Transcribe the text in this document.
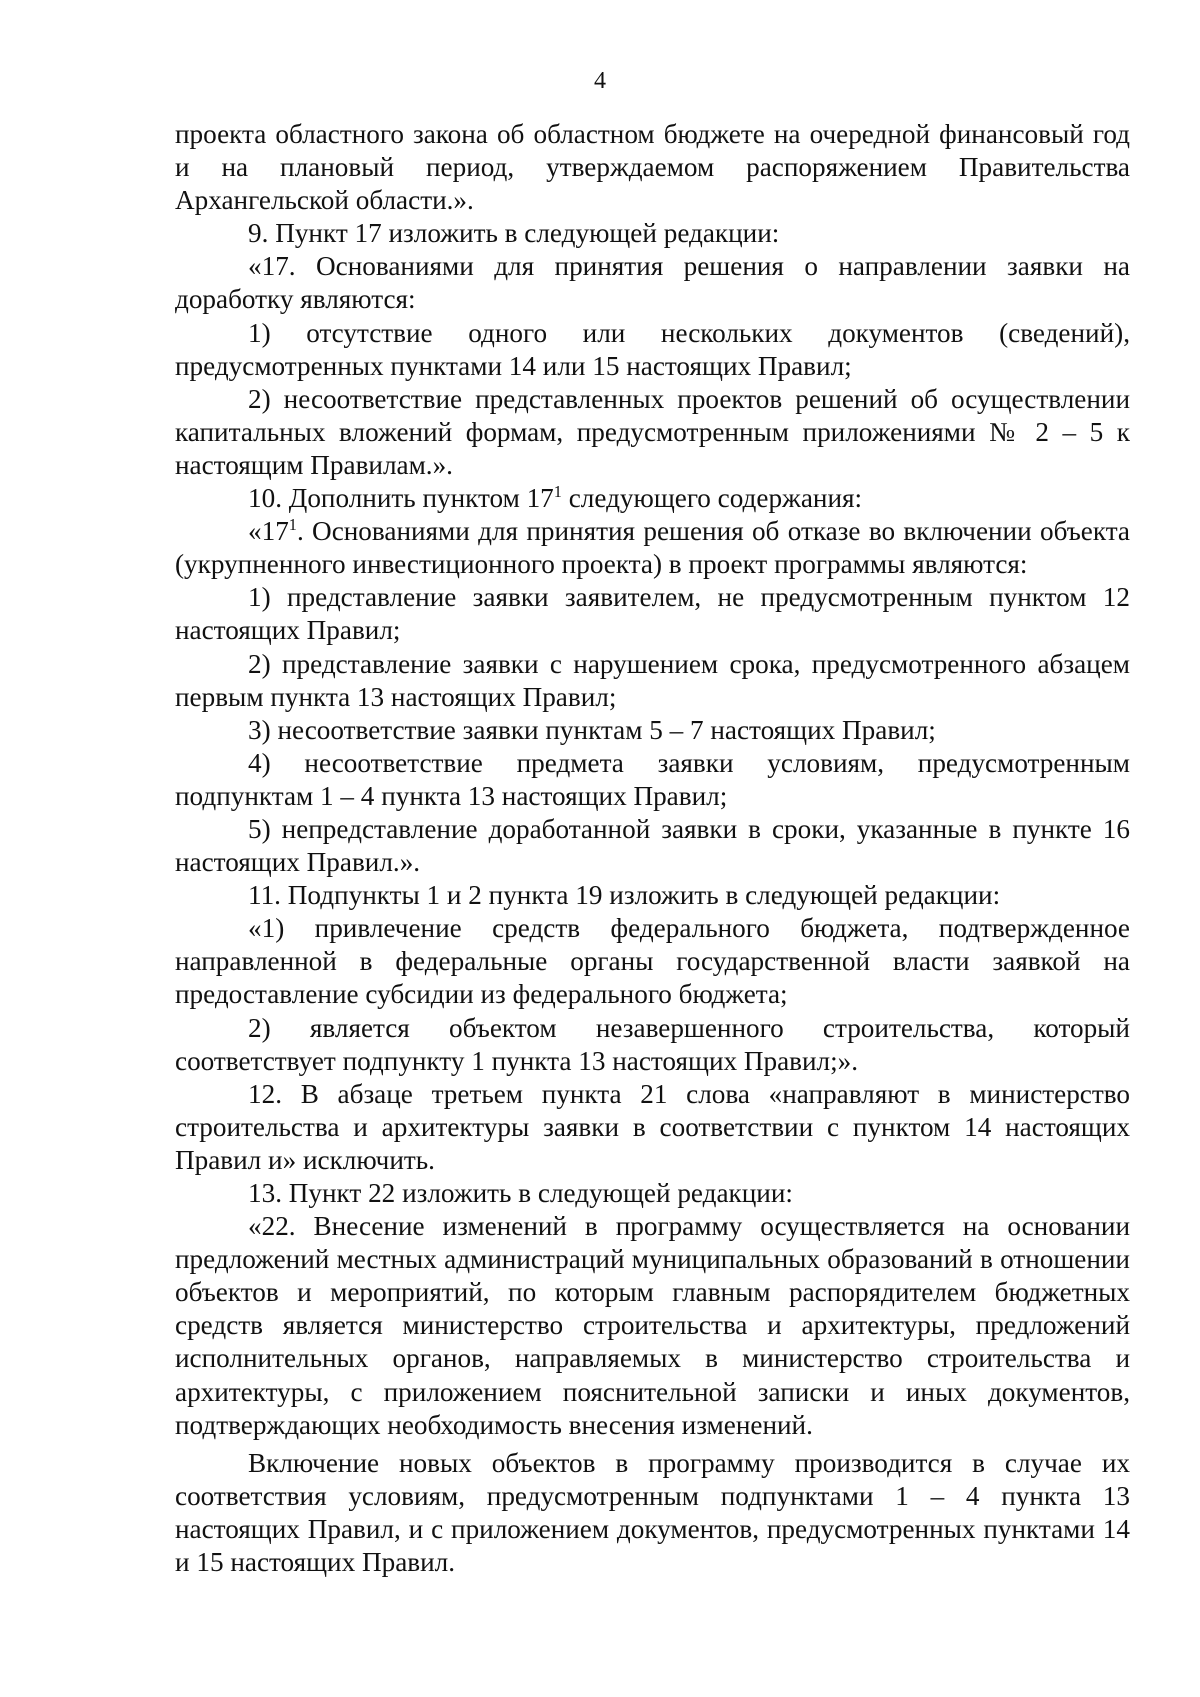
4

проекта областного закона об областном бюджете на очередной финансовый год и на плановый период, утверждаемом распоряжением Правительства Архангельской области.».

9. Пункт 17 изложить в следующей редакции:

«17. Основаниями для принятия решения о направлении заявки на доработку являются:

1) отсутствие одного или нескольких документов (сведений), предусмотренных пунктами 14 или 15 настоящих Правил;

2) несоответствие представленных проектов решений об осуществлении капитальных вложений формам, предусмотренным приложениями № 2 – 5 к настоящим Правилам.».

10. Дополнить пунктом $17^1$ следующего содержания:

«$17^1$. Основаниями для принятия решения об отказе во включении объекта (укрупненного инвестиционного проекта) в проект программы являются:

1) представление заявки заявителем, не предусмотренным пунктом 12 настоящих Правил;

2) представление заявки с нарушением срока, предусмотренного абзацем первым пункта 13 настоящих Правил;

3) несоответствие заявки пунктам 5 – 7 настоящих Правил;

4) несоответствие предмета заявки условиям, предусмотренным подпунктам 1 – 4 пункта 13 настоящих Правил;

5) непредставление доработанной заявки в сроки, указанные в пункте 16 настоящих Правил.».

11. Подпункты 1 и 2 пункта 19 изложить в следующей редакции:

«1) привлечение средств федерального бюджета, подтвержденное направленной в федеральные органы государственной власти заявкой на предоставление субсидии из федерального бюджета;

2) является объектом незавершенного строительства, который соответствует подпункту 1 пункта 13 настоящих Правил;».

12. В абзаце третьем пункта 21 слова «направляют в министерство строительства и архитектуры заявки в соответствии с пунктом 14 настоящих Правил и» исключить.

13. Пункт 22 изложить в следующей редакции:

«22. Внесение изменений в программу осуществляется на основании предложений местных администраций муниципальных образований в отношении объектов и мероприятий, по которым главным распорядителем бюджетных средств является министерство строительства и архитектуры, предложений исполнительных органов, направляемых в министерство строительства и архитектуры, с приложением пояснительной записки и иных документов, подтверждающих необходимость внесения изменений.

Включение новых объектов в программу производится в случае их соответствия условиям, предусмотренным подпунктами 1 – 4 пункта 13 настоящих Правил, и с приложением документов, предусмотренных пунктами 14 и 15 настоящих Правил.
